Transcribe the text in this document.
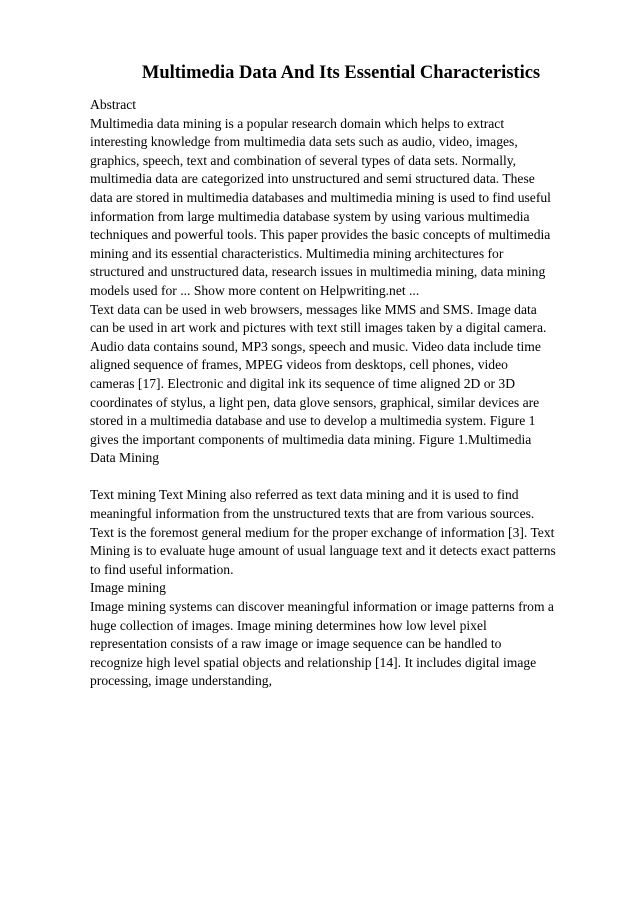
Multimedia Data And Its Essential Characteristics
Abstract
Multimedia data mining is a popular research domain which helps to extract
interesting knowledge from multimedia data sets such as audio, video, images,
graphics, speech, text and combination of several types of data sets. Normally,
multimedia data are categorized into unstructured and semi structured data. These
data are stored in multimedia databases and multimedia mining is used to find useful
information from large multimedia database system by using various multimedia
techniques and powerful tools. This paper provides the basic concepts of multimedia
mining and its essential characteristics. Multimedia mining architectures for
structured and unstructured data, research issues in multimedia mining, data mining
models used for ... Show more content on Helpwriting.net ...
Text data can be used in web browsers, messages like MMS and SMS. Image data
can be used in art work and pictures with text still images taken by a digital camera.
Audio data contains sound, MP3 songs, speech and music. Video data include time
aligned sequence of frames, MPEG videos from desktops, cell phones, video
cameras [17]. Electronic and digital ink its sequence of time aligned 2D or 3D
coordinates of stylus, a light pen, data glove sensors, graphical, similar devices are
stored in a multimedia database and use to develop a multimedia system. Figure 1
gives the important components of multimedia data mining. Figure 1.Multimedia
Data Mining
Text mining Text Mining also referred as text data mining and it is used to find
meaningful information from the unstructured texts that are from various sources.
Text is the foremost general medium for the proper exchange of information [3]. Text
Mining is to evaluate huge amount of usual language text and it detects exact patterns
to find useful information.
Image mining
Image mining systems can discover meaningful information or image patterns from a
huge collection of images. Image mining determines how low level pixel
representation consists of a raw image or image sequence can be handled to
recognize high level spatial objects and relationship [14]. It includes digital image
processing, image understanding,
